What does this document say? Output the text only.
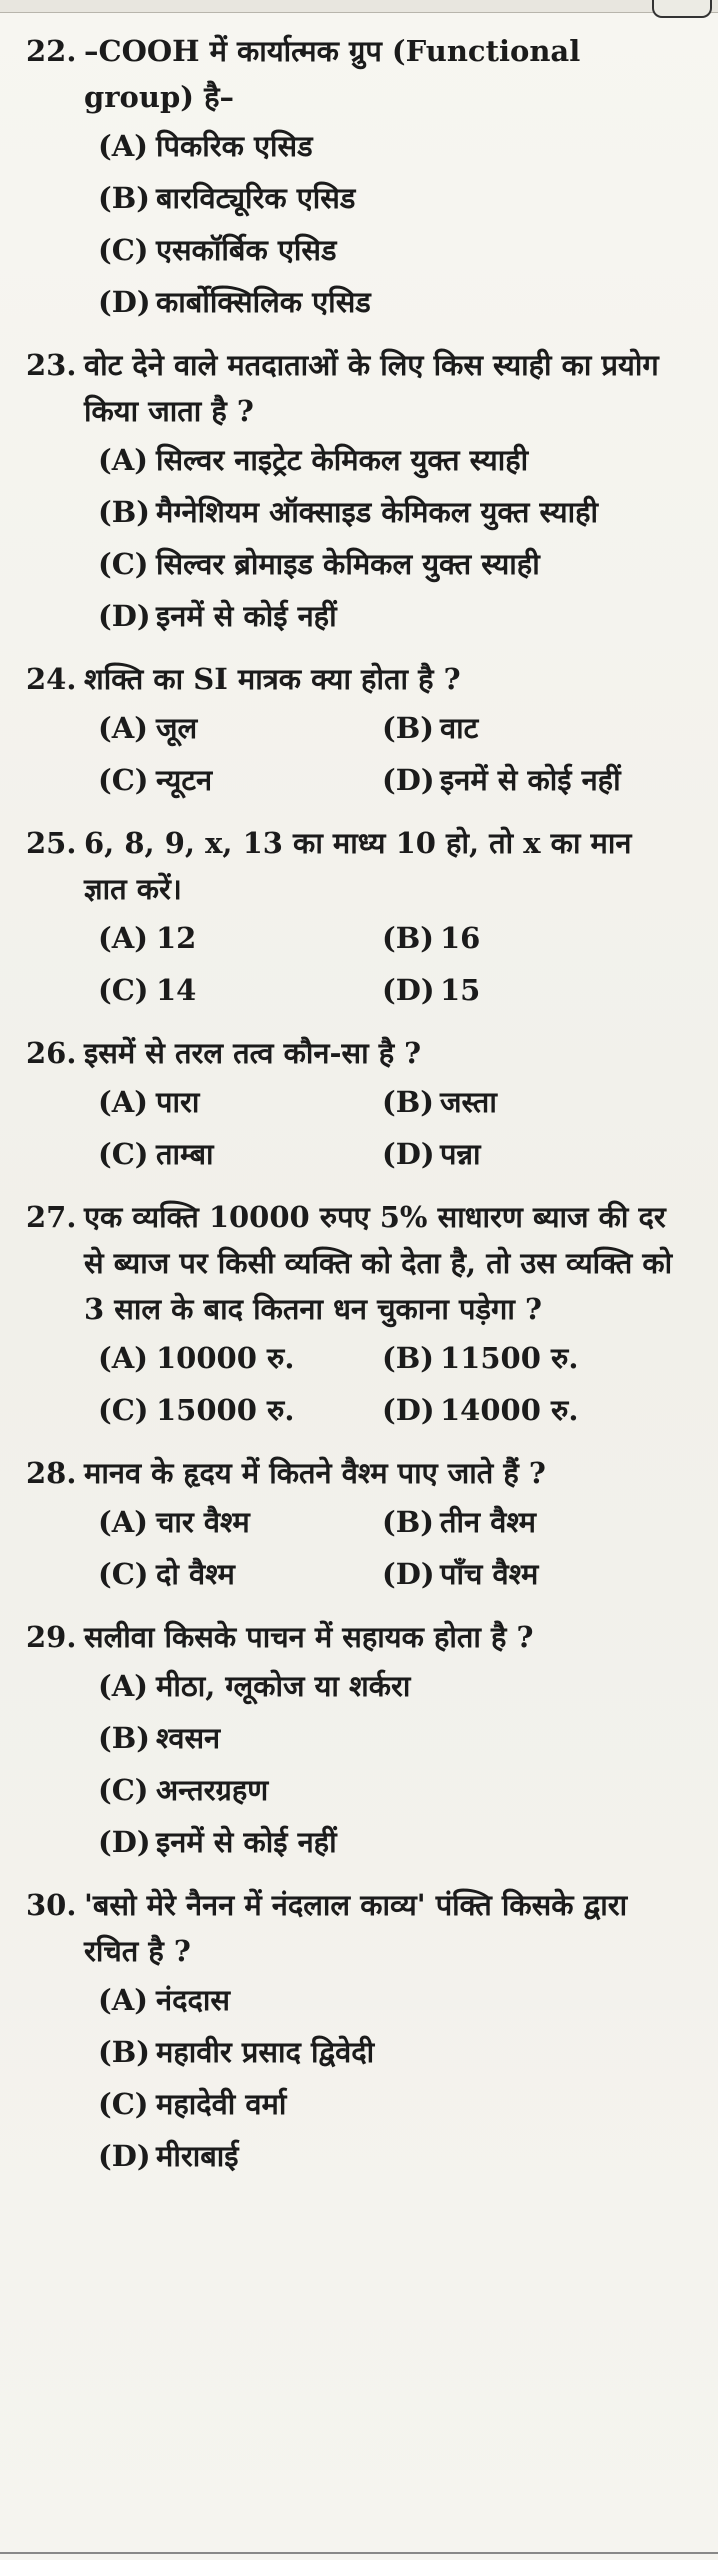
22. –COOH में कार्यात्मक ग्रुप (Functional group) है–
(A) पिकरिक एसिड
(B) बारविट्यूरिक एसिड
(C) एसकॉर्बिक एसिड
(D) कार्बोक्सिलिक एसिड
23. वोट देने वाले मतदाताओं के लिए किस स्याही का प्रयोग किया जाता है ?
(A) सिल्वर नाइट्रेट केमिकल युक्त स्याही
(B) मैग्नेशियम ऑक्साइड केमिकल युक्त स्याही
(C) सिल्वर ब्रोमाइड केमिकल युक्त स्याही
(D) इनमें से कोई नहीं
24. शक्ति का SI मात्रक क्या होता है ?
(A) जूल	(B) वाट
(C) न्यूटन	(D) इनमें से कोई नहीं
25. 6, 8, 9, x, 13 का माध्य 10 हो, तो x का मान ज्ञात करें।
(A) 12	(B) 16
(C) 14	(D) 15
26. इसमें से तरल तत्व कौन-सा है ?
(A) पारा	(B) जस्ता
(C) ताम्बा	(D) पन्ना
27. एक व्यक्ति 10000 रुपए 5% साधारण ब्याज की दर से ब्याज पर किसी व्यक्ति को देता है, तो उस व्यक्ति को 3 साल के बाद कितना धन चुकाना पड़ेगा ?
(A) 10000 रु.	(B) 11500 रु.
(C) 15000 रु.	(D) 14000 रु.
28. मानव के हृदय में कितने वैश्म पाए जाते हैं ?
(A) चार वैश्म	(B) तीन वैश्म
(C) दो वैश्म	(D) पाँच वैश्म
29. सलीवा किसके पाचन में सहायक होता है ?
(A) मीठा, ग्लूकोज या शर्करा
(B) श्वसन
(C) अन्तरग्रहण
(D) इनमें से कोई नहीं
30. 'बसो मेरे नैनन में नंदलाल काव्य' पंक्ति किसके द्वारा रचित है ?
(A) नंददास
(B) महावीर प्रसाद द्विवेदी
(C) महादेवी वर्मा
(D) मीराबाई
